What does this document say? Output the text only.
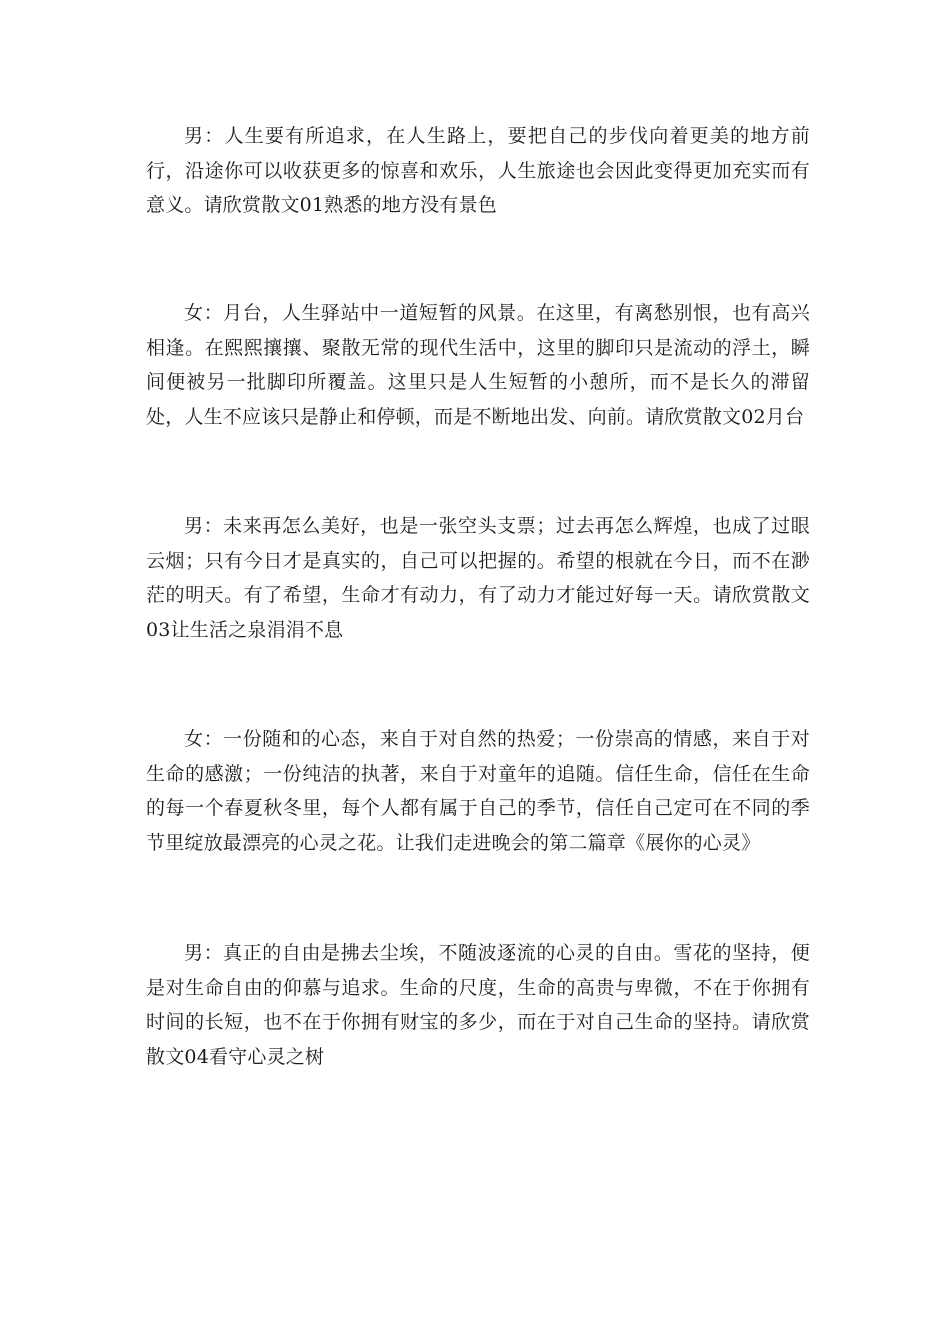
男：人生要有所追求，在人生路上，要把自己的步伐向着更美的地方前行，沿途你可以收获更多的惊喜和欢乐，人生旅途也会因此变得更加充实而有意义。请欣赏散文01熟悉的地方没有景色

女：月台，人生驿站中一道短暂的风景。在这里，有离愁别恨，也有高兴相逢。在熙熙攘攘、聚散无常的现代生活中，这里的脚印只是流动的浮土，瞬间便被另一批脚印所覆盖。这里只是人生短暂的小憩所，而不是长久的滞留处，人生不应该只是静止和停顿，而是不断地出发、向前。请欣赏散文02月台

男：未来再怎么美好，也是一张空头支票；过去再怎么辉煌，也成了过眼云烟；只有今日才是真实的，自己可以把握的。希望的根就在今日，而不在渺茫的明天。有了希望，生命才有动力，有了动力才能过好每一天。请欣赏散文03让生活之泉涓涓不息

女：一份随和的心态，来自于对自然的热爱；一份崇高的情感，来自于对生命的感激；一份纯洁的执著，来自于对童年的追随。信任生命，信任在生命的每一个春夏秋冬里，每个人都有属于自己的季节，信任自己定可在不同的季节里绽放最漂亮的心灵之花。让我们走进晚会的第二篇章《展你的心灵》

男：真正的自由是拂去尘埃，不随波逐流的心灵的自由。雪花的坚持，便是对生命自由的仰慕与追求。生命的尺度，生命的高贵与卑微，不在于你拥有时间的长短，也不在于你拥有财宝的多少，而在于对自己生命的坚持。请欣赏散文04看守心灵之树
